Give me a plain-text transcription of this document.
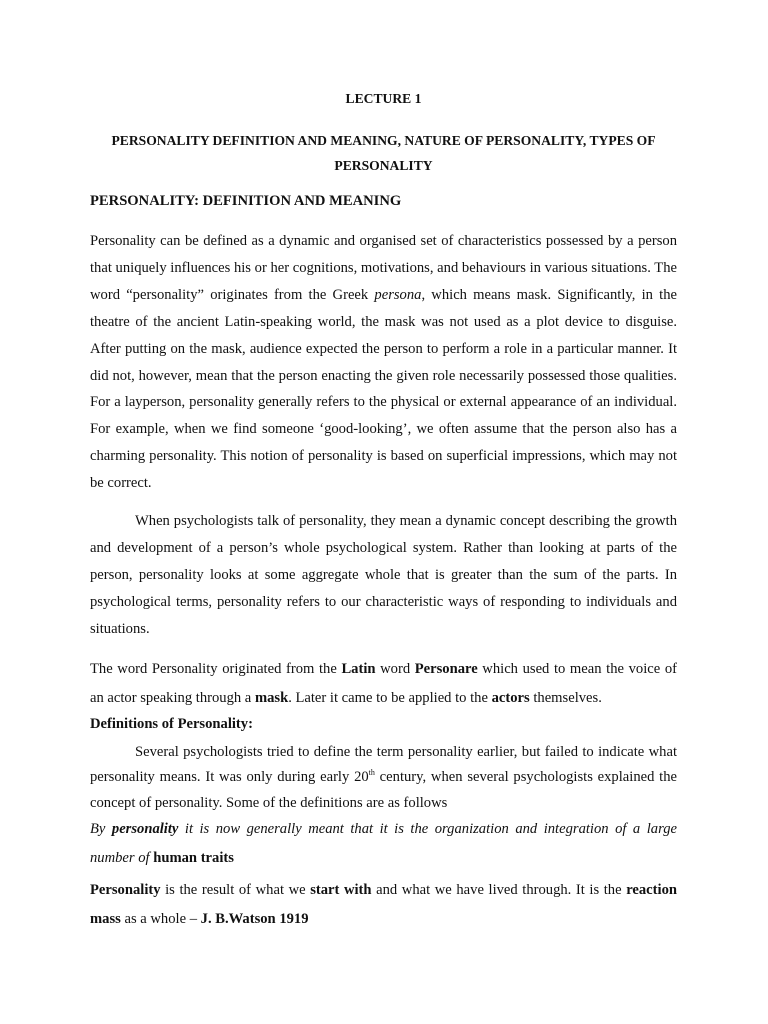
LECTURE 1
PERSONALITY DEFINITION AND MEANING, NATURE OF PERSONALITY, TYPES OF PERSONALITY
PERSONALITY: DEFINITION AND MEANING
Personality can be defined as a dynamic and organised set of characteristics possessed by a person that uniquely influences his or her cognitions, motivations, and behaviours in various situations. The word “personality” originates from the Greek persona, which means mask. Significantly, in the theatre of the ancient Latin-speaking world, the mask was not used as a plot device to disguise. After putting on the mask, audience expected the person to perform a role in a particular manner. It did not, however, mean that the person enacting the given role necessarily possessed those qualities. For a layperson, personality generally refers to the physical or external appearance of an individual. For example, when we find someone ‘good-looking’, we often assume that the person also has a charming personality. This notion of personality is based on superficial impressions, which may not be correct.
When psychologists talk of personality, they mean a dynamic concept describing the growth and development of a person’s whole psychological system. Rather than looking at parts of the person, personality looks at some aggregate whole that is greater than the sum of the parts. In psychological terms, personality refers to our characteristic ways of responding to individuals and situations.
The word Personality originated from the Latin word Personare which used to mean the voice of an actor speaking through a mask. Later it came to be applied to the actors themselves.
Definitions of Personality:
Several psychologists tried to define the term personality earlier, but failed to indicate what personality means. It was only during early 20th century, when several psychologists explained the concept of personality. Some of the definitions are as follows
By personality it is now generally meant that it is the organization and integration of a large number of human traits
Personality is the result of what we start with and what we have lived through. It is the reaction mass as a whole – J. B.Watson 1919
